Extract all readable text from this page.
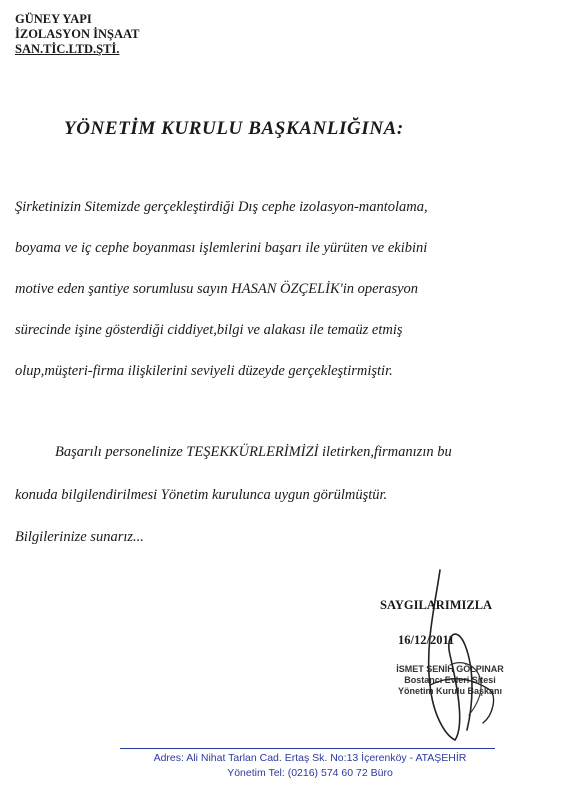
GÜNEY YAPI
İZOLASYON İNŞAAT
SAN.TİC.LTD.ŞTİ.
YÖNETİM KURULU BAŞKANLIĞINA:
Şirketinizin Sitemizde gerçekleştirdiği Dış cephe izolasyon-mantolama,
boyama ve iç cephe boyanması işlemlerini başarı ile yürüten ve ekibini
motive eden şantiye sorumlusu sayın HASAN ÖZÇELİK'in operasyon
sürecinde işine gösterdiği ciddiyet,bilgi ve alakası ile temaüz etmiş
olup,müşteri-firma ilişkilerini seviyeli düzeyde gerçekleştirmiştir.
Başarılı personelinize TEŞEKKÜRLERİMİZİ iletirken,firmanızın bu
konuda bilgilendirilmesi Yönetim kurulunca uygun görülmüştür.
Bilgilerinize sunarız...
SAYGILARIMIZLA
16/12/2011
İSMET SENİH GÖLPINAR
Bostancı Evleri Sitesi
Yönetim Kurulu Başkanı
Adres: Ali Nihat Tarlan Cad. Ertaş Sk. No:13 İçerenköy - ATAŞEHİR
Yönetim Tel: (0216) 574 60 72 Büro
